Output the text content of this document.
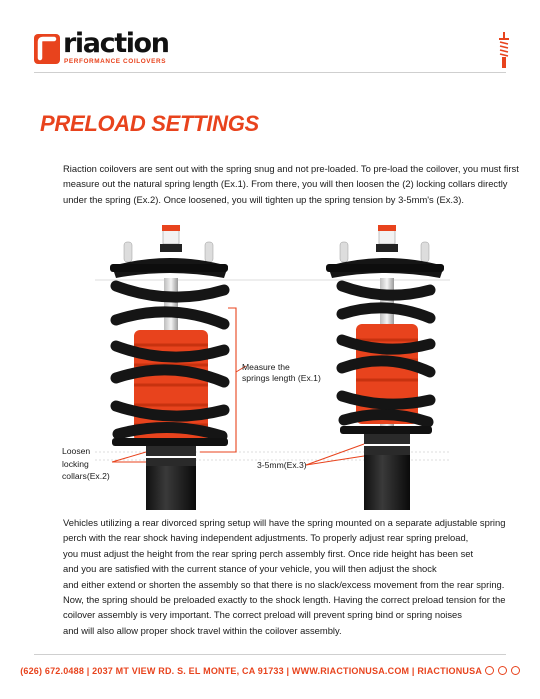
riaction
PERFORMANCE COILOVERS
PRELOAD SETTINGS
Riaction coilovers are sent out with the spring snug and not pre-loaded. To pre-load the coilover, you must first
measure out the natural spring length (Ex.1). From there, you will then loosen the (2) locking collars directly
under the spring (Ex.2). Once loosened, you will tighten up the spring tension by 3-5mm's (Ex.3).
Measure the
springs length (Ex.1)
Loosen
locking
collars(Ex.2)
3-5mm(Ex.3)
Vehicles utilizing a rear divorced spring setup will have the spring mounted on a separate adjustable spring
perch with the rear shock having independent adjustments. To properly adjust rear spring preload,
you must adjust the height from the rear spring perch assembly first. Once ride height has been set
and you are satisfied with the current stance of your vehicle, you will then adjust the shock
and either extend or shorten the assembly so that there is no slack/excess movement from the rear spring.
Now, the spring should be preloaded exactly to the shock length. Having the correct preload tension for the
coilover assembly is very important. The correct preload will prevent spring bind or spring noises
and will also allow proper shock travel within the coilover assembly.
(626) 672.0488 | 2037 MT VIEW RD. S. EL MONTE, CA 91733 | WWW.RIACTIONUSA.COM | RIACTIONUSA
